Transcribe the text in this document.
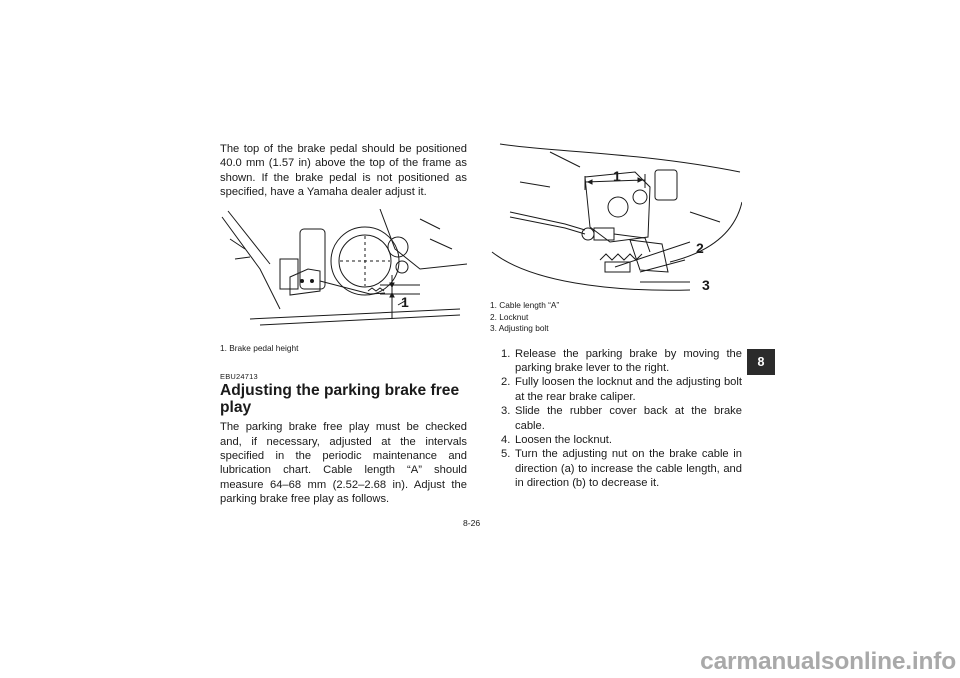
The top of the brake pedal should be positioned 40.0 mm (1.57 in) above the top of the frame as shown. If the brake pedal is not positioned as specified, have a Yamaha dealer adjust it.

1

1. Brake pedal height

EBU24713

Adjusting the parking brake free play

The parking brake free play must be checked and, if necessary, adjusted at the intervals specified in the periodic maintenance and lubrication chart. Cable length “A” should measure 64–68 mm (2.52–2.68 in). Adjust the parking brake free play as follows.

1
2
3

1. Cable length “A”

2. Locknut

3. Adjusting bolt

1. Release the parking brake by moving the parking brake lever to the right.
2. Fully loosen the locknut and the adjusting bolt at the rear brake caliper.
3. Slide the rubber cover back at the brake cable.
4. Loosen the locknut.
5. Turn the adjusting nut on the brake cable in direction (a) to increase the cable length, and in direction (b) to decrease it.
8
8-26
carmanualsonline.info
